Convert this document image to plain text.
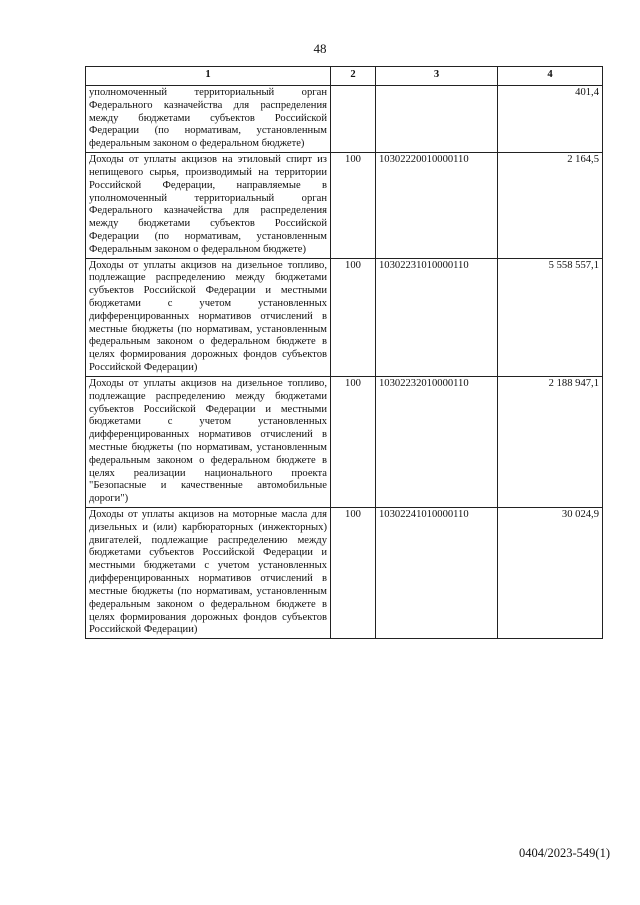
48
1	2	3	4
уполномоченный территориальный орган Федерального казначейства для распределения между бюджетами субъектов Российской Федерации (по нормативам, установленным федеральным законом о федеральном бюджете)			401,4
Доходы от уплаты акцизов на этиловый спирт из непищевого сырья, производимый на территории Российской Федерации, направляемые в уполномоченный территориальный орган Федерального казначейства для распределения между бюджетами субъектов Российской Федерации (по нормативам, установленным Федеральным законом о федеральном бюджете)	100	10302220010000110	2 164,5
Доходы от уплаты акцизов на дизельное топливо, подлежащие распределению между бюджетами субъектов Российской Федерации и местными бюджетами с учетом установленных дифференцированных нормативов отчислений в местные бюджеты (по нормативам, установленным федеральным законом о федеральном бюджете в целях формирования дорожных фондов субъектов Российской Федерации)	100	10302231010000110	5 558 557,1
Доходы от уплаты акцизов на дизельное топливо, подлежащие распределению между бюджетами субъектов Российской Федерации и местными бюджетами с учетом установленных дифференцированных нормативов отчислений в местные бюджеты (по нормативам, установленным федеральным законом о федеральном бюджете в целях реализации национального проекта "Безопасные и качественные автомобильные дороги")	100	10302232010000110	2 188 947,1
Доходы от уплаты акцизов на моторные масла для дизельных и (или) карбюраторных (инжекторных) двигателей, подлежащие распределению между бюджетами субъектов Российской Федерации и местными бюджетами с учетом установленных дифференцированных нормативов отчислений в местные бюджеты (по нормативам, установленным федеральным законом о федеральном бюджете в целях формирования дорожных фондов субъектов Российской Федерации)	100	10302241010000110	30 024,9
0404/2023-549(1)
